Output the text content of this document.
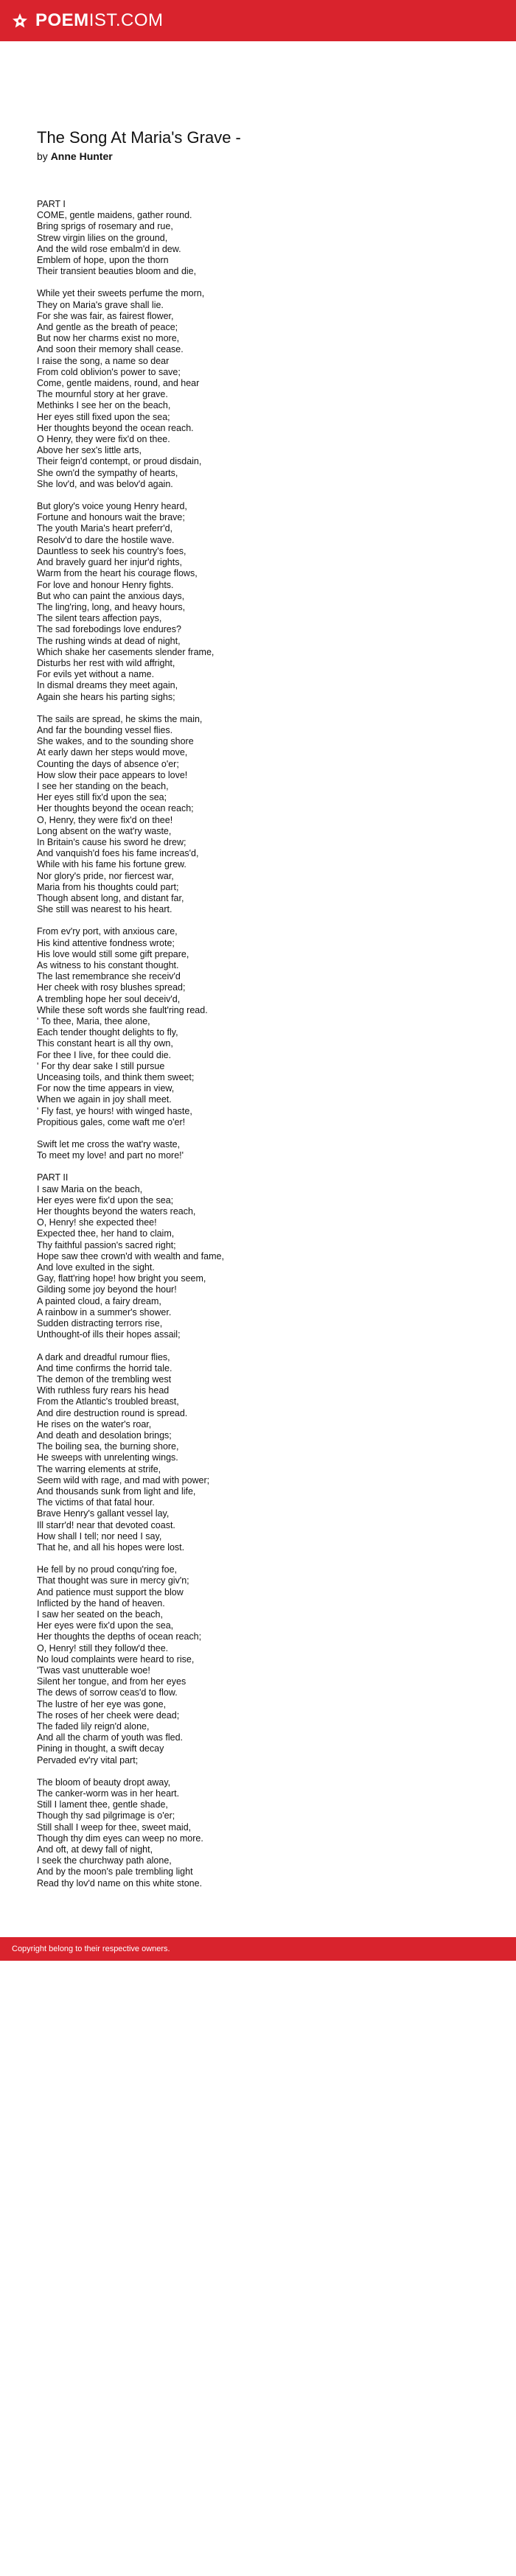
POEM IST.COM
The Song At Maria's Grave -
by Anne Hunter
PART I
COME, gentle maidens, gather round.
Bring sprigs of rosemary and rue,
Strew virgin lilies on the ground,
And the wild rose embalm'd in dew.
Emblem of hope, upon the thorn
Their transient beauties bloom and die,
While yet their sweets perfume the morn,
They on Maria's grave shall lie.
For she was fair, as fairest flower,
And gentle as the breath of peace;
But now her charms exist no more,
And soon their memory shall cease.
I raise the song, a name so dear
From cold oblivion's power to save;
Come, gentle maidens, round, and hear
The mournful story at her grave.
Methinks I see her on the beach,
Her eyes still fixed upon the sea;
Her thoughts beyond the ocean reach.
O Henry, they were fix'd on thee.
Above her sex's little arts,
Their feign'd contempt, or proud disdain,
She own'd the sympathy of hearts,
She lov'd, and was belov'd again.
But glory's voice young Henry heard,
Fortune and honours wait the brave;
The youth Maria's heart preferr'd,
Resolv'd to dare the hostile wave.
Dauntless to seek his country's foes,
And bravely guard her injur'd rights,
Warm from the heart his courage flows,
For love and honour Henry fights.
But who can paint the anxious days,
The ling'ring, long, and heavy hours,
The silent tears affection pays,
The sad forebodings love endures?
The rushing winds at dead of night,
Which shake her casements slender frame,
Disturbs her rest with wild affright,
For evils yet without a name.
In dismal dreams they meet again,
Again she hears his parting sighs;
The sails are spread, he skims the main,
And far the bounding vessel flies.
She wakes, and to the sounding shore
At early dawn her steps would move,
Counting the days of absence o'er;
How slow their pace appears to love!
I see her standing on the beach,
Her eyes still fix'd upon the sea;
Her thoughts beyond the ocean reach;
O, Henry, they were fix'd on thee!
Long absent on the wat'ry waste,
In Britain's cause his sword he drew;
And vanquish'd foes his fame increas'd,
While with his fame his fortune grew.
Nor glory's pride, nor fiercest war,
Maria from his thoughts could part;
Though absent long, and distant far,
She still was nearest to his heart.
From ev'ry port, with anxious care,
His kind attentive fondness wrote;
His love would still some gift prepare,
As witness to his constant thought.
The last remembrance she receiv'd
Her cheek with rosy blushes spread;
A trembling hope her soul deceiv'd,
While these soft words she fault'ring read.
' To thee, Maria, thee alone,
Each tender thought delights to fly,
This constant heart is all thy own,
For thee I live, for thee could die.
' For thy dear sake I still pursue
Unceasing toils, and think them sweet;
For now the time appears in view,
When we again in joy shall meet.
' Fly fast, ye hours! with winged haste,
Propitious gales, come waft me o'er!
Swift let me cross the wat'ry waste,
To meet my love! and part no more!'
PART II
I saw Maria on the beach,
Her eyes were fix'd upon the sea;
Her thoughts beyond the waters reach,
O, Henry! she expected thee!
Expected thee, her hand to claim,
Thy faithful passion's sacred right;
Hope saw thee crown'd with wealth and fame,
And love exulted in the sight.
Gay, flatt'ring hope! how bright you seem,
Gilding some joy beyond the hour!
A painted cloud, a fairy dream,
A rainbow in a summer's shower.
Sudden distracting terrors rise,
Unthought-of ills their hopes assail;
A dark and dreadful rumour flies,
And time confirms the horrid tale.
The demon of the trembling west
With ruthless fury rears his head
From the Atlantic's troubled breast,
And dire destruction round is spread.
He rises on the water's roar,
And death and desolation brings;
The boiling sea, the burning shore,
He sweeps with unrelenting wings.
The warring elements at strife,
Seem wild with rage, and mad with power;
And thousands sunk from light and life,
The victims of that fatal hour.
Brave Henry's gallant vessel lay,
Ill starr'd! near that devoted coast.
How shall I tell; nor need I say,
That he, and all his hopes were lost.
He fell by no proud conqu'ring foe,
That thought was sure in mercy giv'n;
And patience must support the blow
Inflicted by the hand of heaven.
I saw her seated on the beach,
Her eyes were fix'd upon the sea,
Her thoughts the depths of ocean reach;
O, Henry! still they follow'd thee.
No loud complaints were heard to rise,
'Twas vast unutterable woe!
Silent her tongue, and from her eyes
The dews of sorrow ceas'd to flow.
The lustre of her eye was gone,
The roses of her cheek were dead;
The faded lily reign'd alone,
And all the charm of youth was fled.
Pining in thought, a swift decay
Pervaded ev'ry vital part;
The bloom of beauty dropt away,
The canker-worm was in her heart.
Still I lament thee, gentle shade,
Though thy sad pilgrimage is o'er;
Still shall I weep for thee, sweet maid,
Though thy dim eyes can weep no more.
And oft, at dewy fall of night,
I seek the churchway path alone,
And by the moon's pale trembling light
Read thy lov'd name on this white stone.
Copyright belong to their respective owners.
